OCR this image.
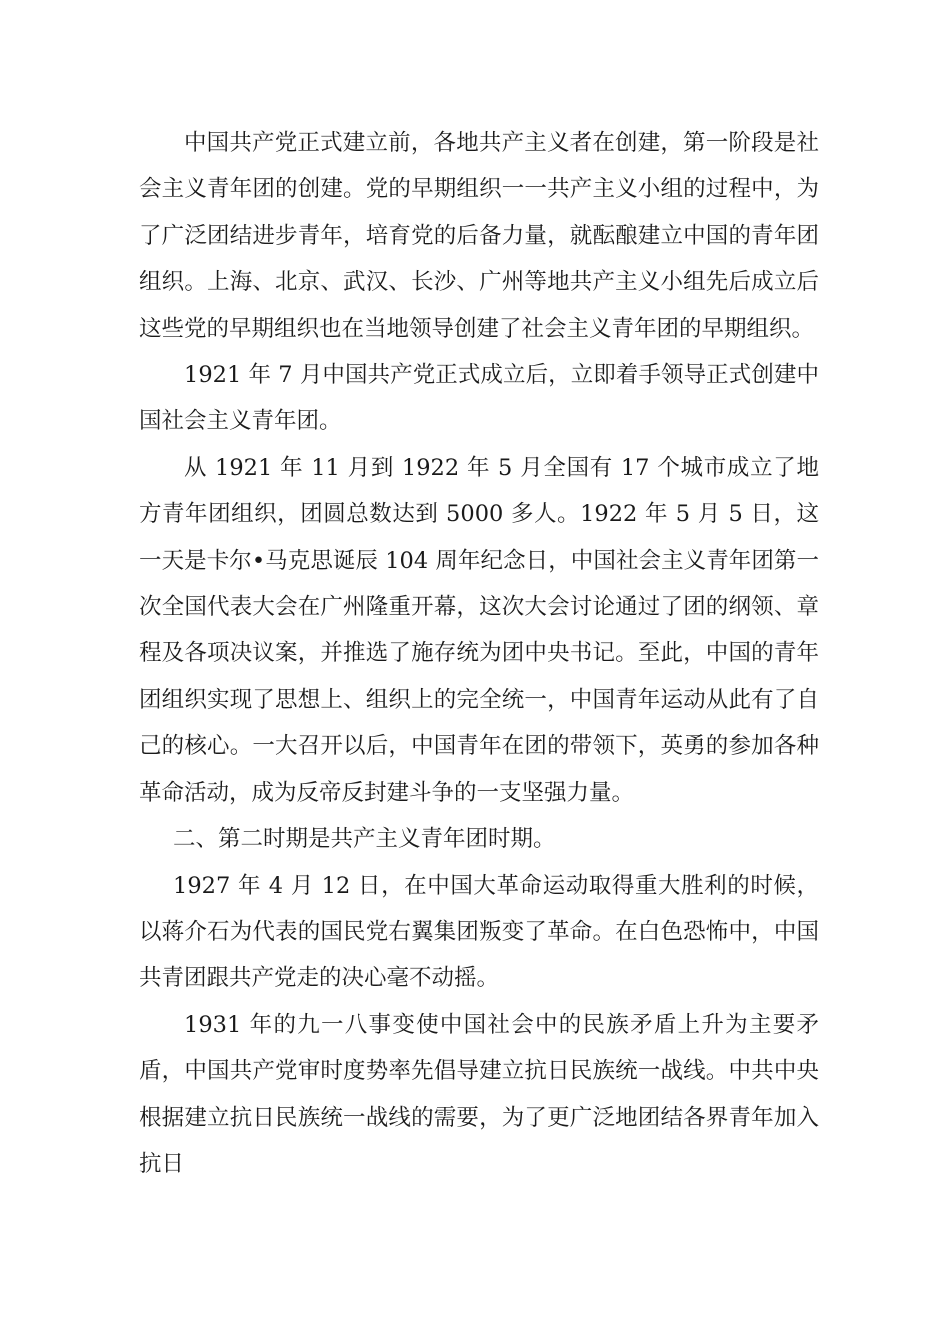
中国共产党正式建立前，各地共产主义者在创建，第一阶段是社会主义青年团的创建。党的早期组织一一共产主义小组的过程中，为了广泛团结进步青年，培育党的后备力量，就酝酿建立中国的青年团组织。上海、北京、武汉、长沙、广州等地共产主义小组先后成立后这些党的早期组织也在当地领导创建了社会主义青年团的早期组织。

1921 年 7 月中国共产党正式成立后，立即着手领导正式创建中国社会主义青年团。

从 1921 年 11 月到 1922 年 5 月全国有 17 个城市成立了地方青年团组织，团圆总数达到 5000 多人。1922 年 5 月 5 日，这一天是卡尔•马克思诞辰 104 周年纪念日，中国社会主义青年团第一次全国代表大会在广州隆重开幕，这次大会讨论通过了团的纲领、章程及各项决议案，并推选了施存统为团中央书记。至此，中国的青年团组织实现了思想上、组织上的完全统一，中国青年运动从此有了自己的核心。一大召开以后，中国青年在团的带领下，英勇的参加各种革命活动，成为反帝反封建斗争的一支坚强力量。

二、第二时期是共产主义青年团时期。

1927 年 4 月 12 日，在中国大革命运动取得重大胜利的时候，以蒋介石为代表的国民党右翼集团叛变了革命。在白色恐怖中，中国共青团跟共产党走的决心毫不动摇。

1931 年的九一八事变使中国社会中的民族矛盾上升为主要矛盾，中国共产党审时度势率先倡导建立抗日民族统一战线。中共中央根据建立抗日民族统一战线的需要，为了更广泛地团结各界青年加入抗日
